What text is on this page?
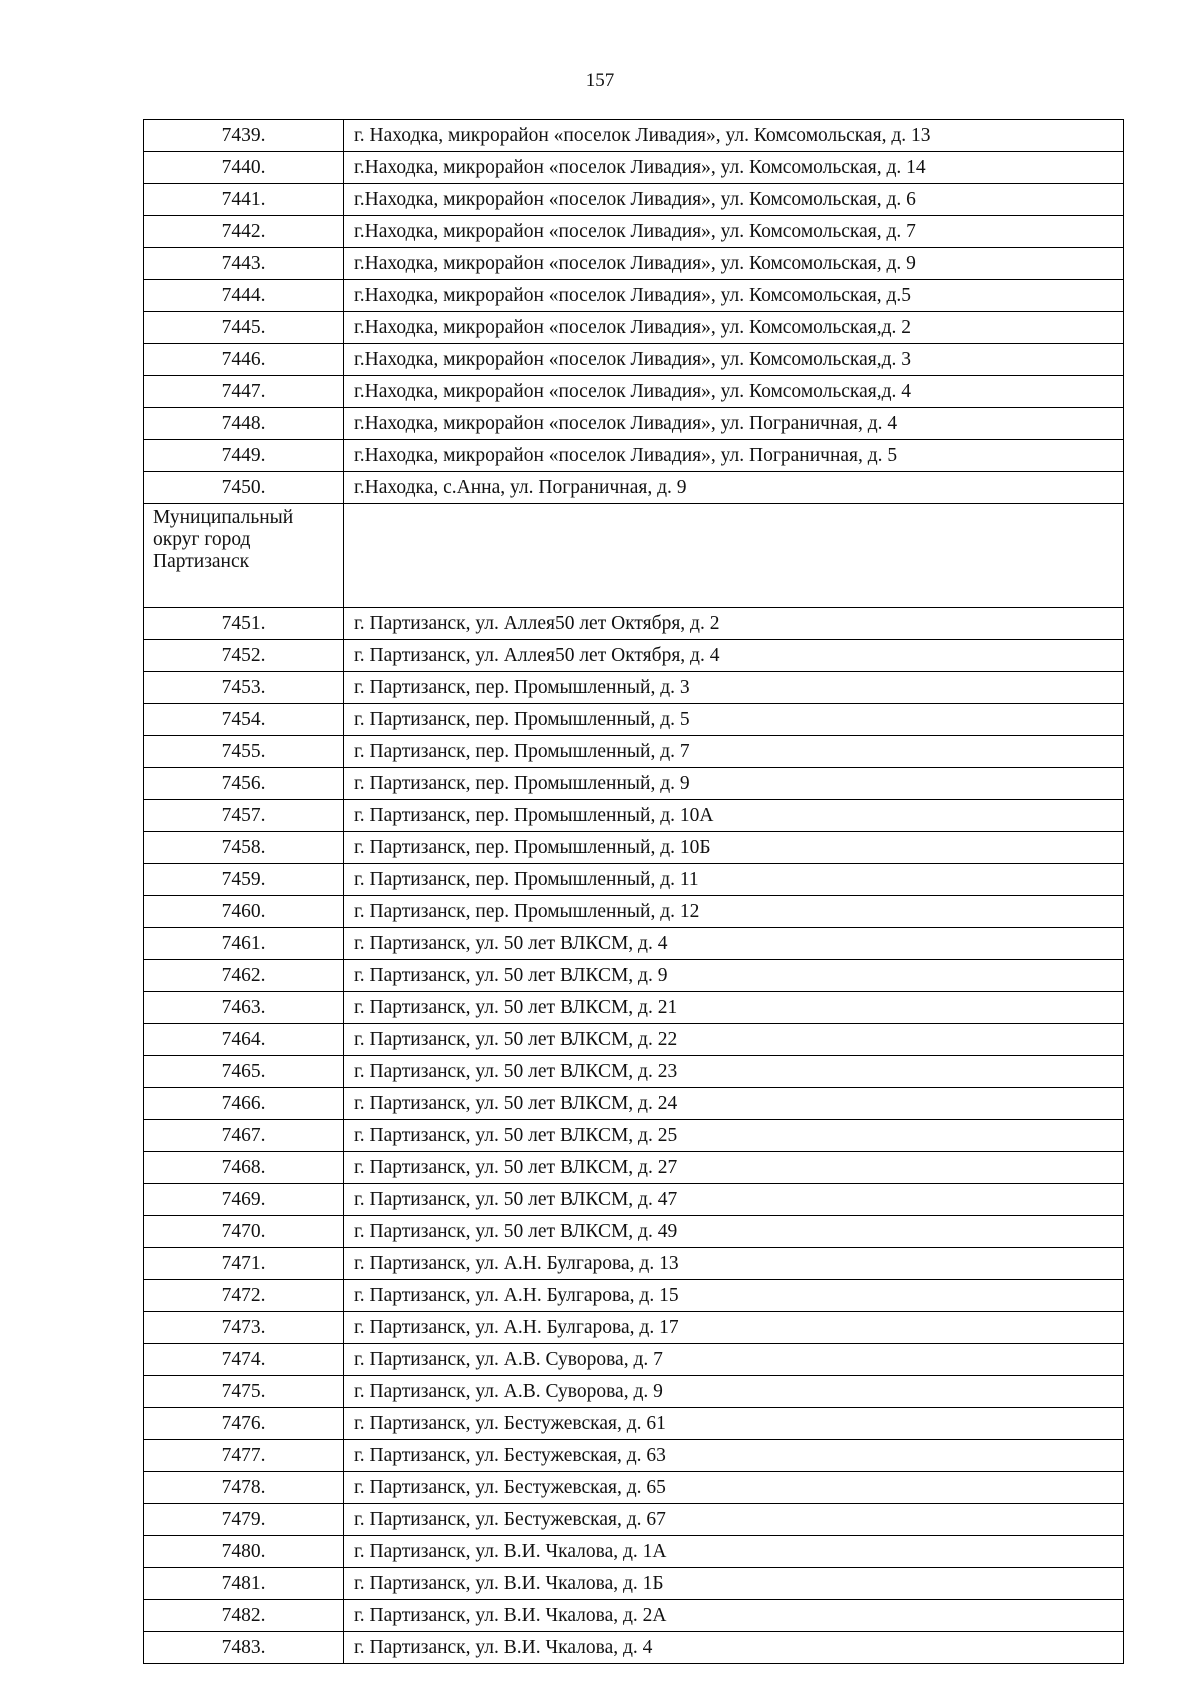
157
7439.	г. Находка, микрорайон «поселок Ливадия», ул. Комсомольская, д. 13
7440.	г.Находка, микрорайон «поселок Ливадия», ул. Комсомольская, д. 14
7441.	г.Находка, микрорайон «поселок Ливадия», ул. Комсомольская, д. 6
7442.	г.Находка, микрорайон «поселок Ливадия», ул. Комсомольская, д. 7
7443.	г.Находка, микрорайон «поселок Ливадия», ул. Комсомольская, д. 9
7444.	г.Находка, микрорайон «поселок Ливадия», ул. Комсомольская, д.5
7445.	г.Находка, микрорайон «поселок Ливадия», ул. Комсомольская,д. 2
7446.	г.Находка, микрорайон «поселок Ливадия», ул. Комсомольская,д. 3
7447.	г.Находка, микрорайон «поселок Ливадия», ул. Комсомольская,д. 4
7448.	г.Находка, микрорайон «поселок Ливадия», ул. Пограничная, д. 4
7449.	г.Находка, микрорайон «поселок Ливадия», ул. Пограничная, д. 5
7450.	г.Находка, с.Анна, ул. Пограничная, д. 9
Муниципальный округ город Партизанск	
7451.	г. Партизанск, ул. Аллея50 лет Октября, д. 2
7452.	г. Партизанск, ул. Аллея50 лет Октября, д. 4
7453.	г. Партизанск, пер. Промышленный, д. 3
7454.	г. Партизанск, пер. Промышленный, д. 5
7455.	г. Партизанск, пер. Промышленный, д. 7
7456.	г. Партизанск, пер. Промышленный, д. 9
7457.	г. Партизанск, пер. Промышленный, д. 10А
7458.	г. Партизанск, пер. Промышленный, д. 10Б
7459.	г. Партизанск, пер. Промышленный, д. 11
7460.	г. Партизанск, пер. Промышленный, д. 12
7461.	г. Партизанск, ул. 50 лет ВЛКСМ, д. 4
7462.	г. Партизанск, ул. 50 лет ВЛКСМ, д. 9
7463.	г. Партизанск, ул. 50 лет ВЛКСМ, д. 21
7464.	г. Партизанск, ул. 50 лет ВЛКСМ, д. 22
7465.	г. Партизанск, ул. 50 лет ВЛКСМ, д. 23
7466.	г. Партизанск, ул. 50 лет ВЛКСМ, д. 24
7467.	г. Партизанск, ул. 50 лет ВЛКСМ, д. 25
7468.	г. Партизанск, ул. 50 лет ВЛКСМ, д. 27
7469.	г. Партизанск, ул. 50 лет ВЛКСМ, д. 47
7470.	г. Партизанск, ул. 50 лет ВЛКСМ, д. 49
7471.	г. Партизанск, ул. А.Н. Булгарова, д. 13
7472.	г. Партизанск, ул. А.Н. Булгарова, д. 15
7473.	г. Партизанск, ул. А.Н. Булгарова, д. 17
7474.	г. Партизанск, ул. А.В. Суворова, д. 7
7475.	г. Партизанск, ул. А.В. Суворова, д. 9
7476.	г. Партизанск, ул. Бестужевская, д. 61
7477.	г. Партизанск, ул. Бестужевская, д. 63
7478.	г. Партизанск, ул. Бестужевская, д. 65
7479.	г. Партизанск, ул. Бестужевская, д. 67
7480.	г. Партизанск, ул. В.И. Чкалова, д. 1А
7481.	г. Партизанск, ул. В.И. Чкалова, д. 1Б
7482.	г. Партизанск, ул. В.И. Чкалова, д. 2А
7483.	г. Партизанск, ул. В.И. Чкалова, д. 4
